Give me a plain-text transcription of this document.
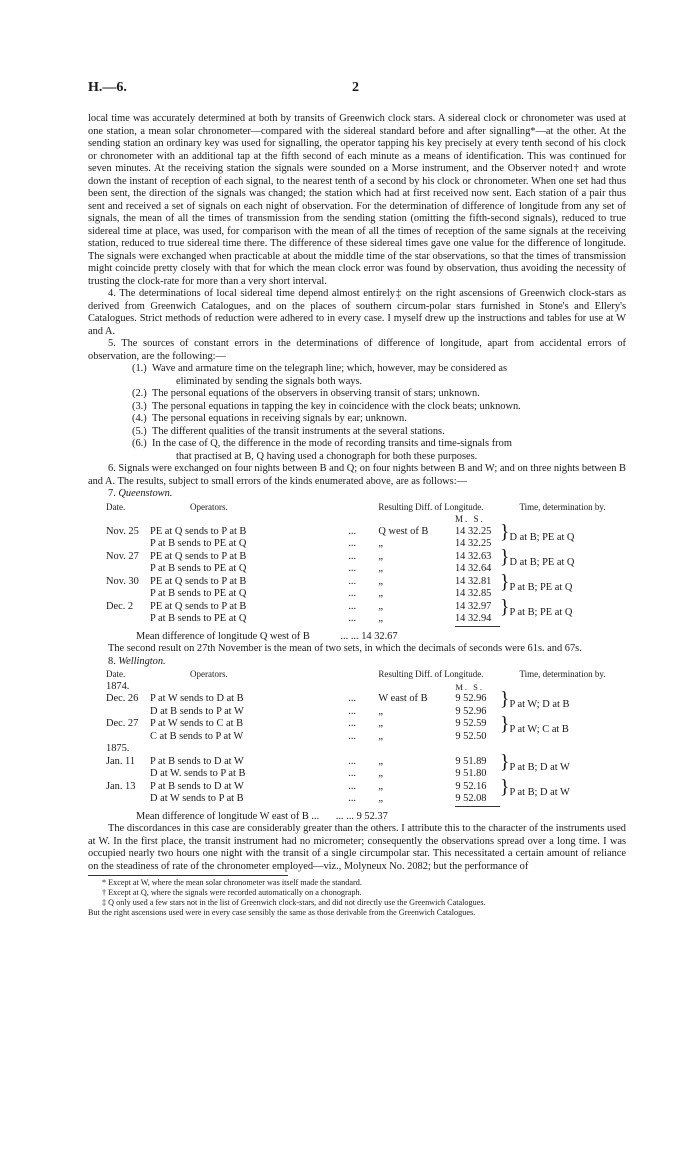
H.—6.	2

local time was accurately determined at both by transits of Greenwich clock stars. A sidereal clock or chronometer was used at one station, a mean solar chronometer—compared with the sidereal standard before and after signalling*—at the other. At the sending station an ordinary key was used for signalling, the operator tapping his key precisely at every tenth second of his clock or chronometer with an additional tap at the fifth second of each minute as a means of identification. This was continued for seven minutes. At the receiving station the signals were sounded on a Morse instrument, and the Observer noted† and wrote down the instant of reception of each signal, to the nearest tenth of a second by his clock or chronometer. When one set had thus been sent, the direction of the signals was changed; the station which had at first received now sent. Each station of a pair thus sent and received a set of signals on each night of observation. For the determination of difference of longitude from any set of signals, the mean of all the times of transmission from the sending station (omitting the fifth-second signals), reduced to true sidereal time at place, was used, for comparison with the mean of all the times of reception of the same signals at the receiving station, reduced to true sidereal time there. The difference of these sidereal times gave one value for the difference of longitude. The signals were exchanged when practicable at about the middle time of the star observations, so that the times of transmission might coincide pretty closely with that for which the mean clock error was found by observation, thus avoiding the necessity of trusting the clock-rate for more than a very short interval.

4. The determinations of local sidereal time depend almost entirely‡ on the right ascensions of Greenwich clock-stars as derived from Greenwich Catalogues, and on the places of southern circum-polar stars furnished in Stone's and Ellery's Catalogues. Strict methods of reduction were adhered to in every case. I myself drew up the instructions and tables for use at W and A.

5. The sources of constant errors in the determinations of difference of longitude, apart from accidental errors of observation, are the following:—

(1.) Wave and armature time on the telegraph line; which, however, may be considered as
eliminated by sending the signals both ways.
(2.) The personal equations of the observers in observing transit of stars; unknown.
(3.) The personal equations in tapping the key in coincidence with the clock beats; unknown.
(4.) The personal equations in receiving signals by ear; unknown.
(5.) The different qualities of the transit instruments at the several stations.
(6.) In the case of Q, the difference in the mode of recording transits and time-signals from
that practised at B, Q having used a chonograph for both these purposes.

6. Signals were exchanged on four nights between B and Q; on four nights between B and W; and on three nights between B and A. The results, subject to small errors of the kinds enumerated above, are as follows:—

7. Queenstown.
Date.	Operators.		Resulting Diff. of Longitude.			Time, determination by.
				M. S.		
Nov. 25	PE at Q sends to P at B	...	Q west of B	14 32.25	}	D at B; PE at Q
	P at B sends to PE at Q	...	„	14 32.25		
Nov. 27	PE at Q sends to P at B	...	„	14 32.63	}	D at B; PE at Q
	P at B sends to PE at Q	...	„	14 32.64		
Nov. 30	PE at Q sends to P at B	...	„	14 32.81	}	P at B; PE at Q
	P at B sends to PE at Q	...	„	14 32.85		
Dec. 2	PE at Q sends to P at B	...	„	14 32.97	}	P at B; PE at Q
	P at B sends to PE at Q	...	„	14 32.94		
Mean difference of longitude Q west of B	... ... 14 32.67

The second result on 27th November is the mean of two sets, in which the decimals of seconds were 61s. and 67s.

8. Wellington.
Date.	Operators.		Resulting Diff. of Longitude.			Time, determination by.
1874.				M. S.		
Dec. 26	P at W sends to D at B	...	W east of B	9 52.96	}	P at W; D at B
	D at B sends to P at W	...	„	9 52.96		
Dec. 27	P at W sends to C at B	...	„	9 52.59	}	P at W; C at B
	C at B sends to P at W	...	„	9 52.50		
1875.						
Jan. 11	P at B sends to D at W	...	„	9 51.89	}	P at B; D at W
	D at W. sends to P at B	...	„	9 51.80		
Jan. 13	P at B sends to D at W	...	„	9 52.16	}	P at B; D at W
	D at W sends to P at B	...	„	9 52.08		
Mean difference of longitude W east of B ... ... ... 9 52.37

The discordances in this case are considerably greater than the others. I attribute this to the character of the instruments used at W. In the first place, the transit instrument had no micrometer; consequently the observations spread over a long time. I was occupied nearly two hours one night with the transit of a single circumpolar star. This necessitated a certain amount of reliance on the steadiness of rate of the chronometer employed—viz., Molyneux No. 2082; but the performance of

* Except at W, where the mean solar chronometer was itself made the standard.

† Except at Q, where the signals were recorded automatically on a chonograph.

‡ Q only used a few stars not in the list of Greenwich clock-stars, and did not directly use the Greenwich Catalogues.

But the right ascensions used were in every case sensibly the same as those derivable from the Greenwich Catalogues.
